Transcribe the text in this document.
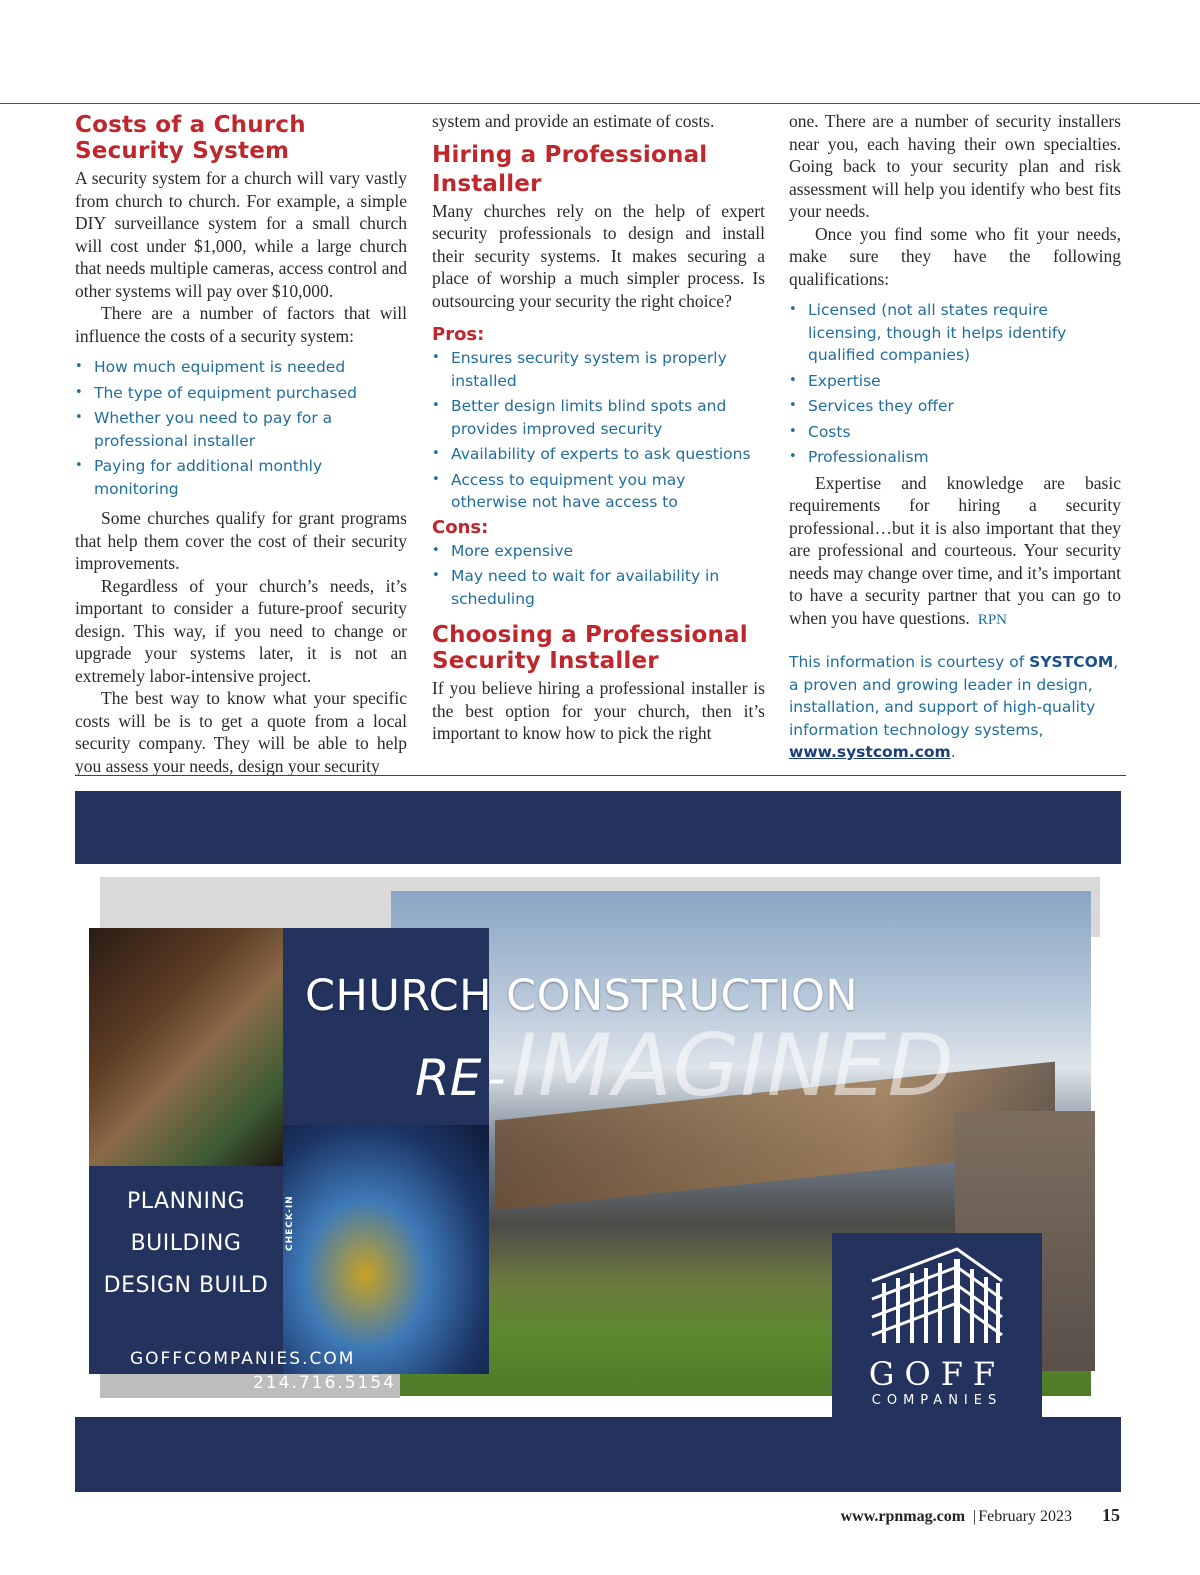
Costs of a Church Security System

A security system for a church will vary vastly from church to church. For example, a simple DIY surveillance system for a small church will cost under $1,000, while a large church that needs multiple cameras, access control and other systems will pay over $10,000.

There are a number of factors that will influence the costs of a security system:

• How much equipment is needed
• The type of equipment purchased
• Whether you need to pay for a professional installer
• Paying for additional monthly monitoring

Some churches qualify for grant programs that help them cover the cost of their security improvements.

Regardless of your church’s needs, it’s important to consider a future-proof security design. This way, if you need to change or upgrade your systems later, it is not an extremely labor-intensive project.

The best way to know what your specific costs will be is to get a quote from a local security company. They will be able to help you assess your needs, design your security

system and provide an estimate of costs.

Hiring a Professional Installer

Many churches rely on the help of expert security professionals to design and install their security systems. It makes securing a place of worship a much simpler process. Is outsourcing your security the right choice?

Pros:
• Ensures security system is properly installed
• Better design limits blind spots and provides improved security
• Availability of experts to ask questions
• Access to equipment you may otherwise not have access to
Cons:
• More expensive
• May need to wait for availability in scheduling
Choosing a Professional Security Installer

If you believe hiring a professional installer is the best option for your church, then it’s important to know how to pick the right

one. There are a number of security installers near you, each having their own specialties. Going back to your security plan and risk assessment will help you identify who best fits your needs.

Once you find some who fit your needs, make sure they have the following qualifications:

• Licensed (not all states require licensing, though it helps identify qualified companies)
• Expertise
• Services they offer
• Costs
• Professionalism

Expertise and knowledge are basic requirements for hiring a security professional…but it is also important that they are professional and courteous. Your security needs may change over time, and it’s important to have a security partner that you can go to when you have questions. RPN

This information is courtesy of SYSTCOM, a proven and growing leader in design, installation, and support of high-quality information technology systems, www.systcom.com.

CHECK-IN
CHURCH CONSTRUCTION
RE -IMAGINED
PLANNING
BUILDING
DESIGN BUILD
GOFFCOMPANIES.COM
214.716.5154	GOFF
COMPANIES
www.rpnmag.com | February 2023 15
